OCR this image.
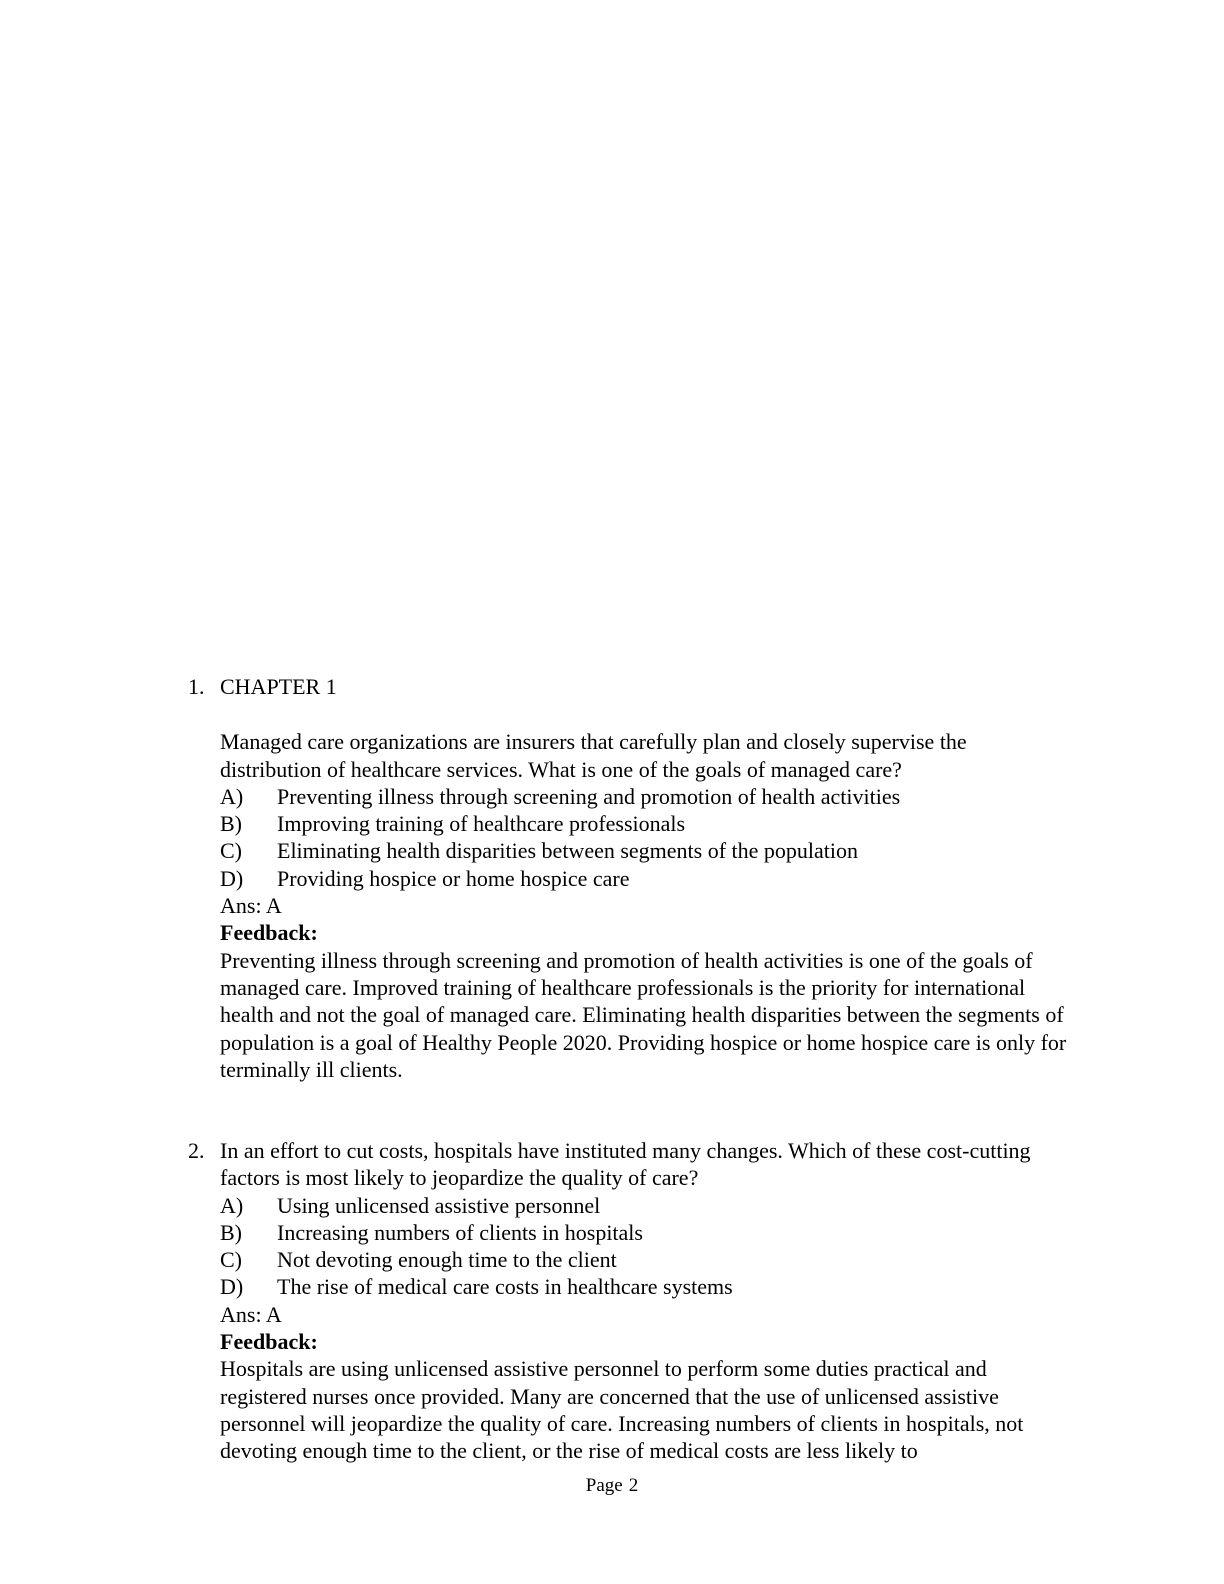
1. CHAPTER 1
Managed care organizations are insurers that carefully plan and closely supervise the distribution of healthcare services. What is one of the goals of managed care?
A)	Preventing illness through screening and promotion of health activities
B)	Improving training of healthcare professionals
C)	Eliminating health disparities between segments of the population
D)	Providing hospice or home hospice care
Ans: A
Feedback:
Preventing illness through screening and promotion of health activities is one of the goals of managed care. Improved training of healthcare professionals is the priority for international health and not the goal of managed care. Eliminating health disparities between the segments of population is a goal of Healthy People 2020. Providing hospice or home hospice care is only for terminally ill clients.
2. In an effort to cut costs, hospitals have instituted many changes. Which of these cost-cutting factors is most likely to jeopardize the quality of care?
A)	Using unlicensed assistive personnel
B)	Increasing numbers of clients in hospitals
C)	Not devoting enough time to the client
D)	The rise of medical care costs in healthcare systems
Ans: A
Feedback:
Hospitals are using unlicensed assistive personnel to perform some duties practical and registered nurses once provided. Many are concerned that the use of unlicensed assistive personnel will jeopardize the quality of care. Increasing numbers of clients in hospitals, not devoting enough time to the client, or the rise of medical costs are less likely to
Page 2
